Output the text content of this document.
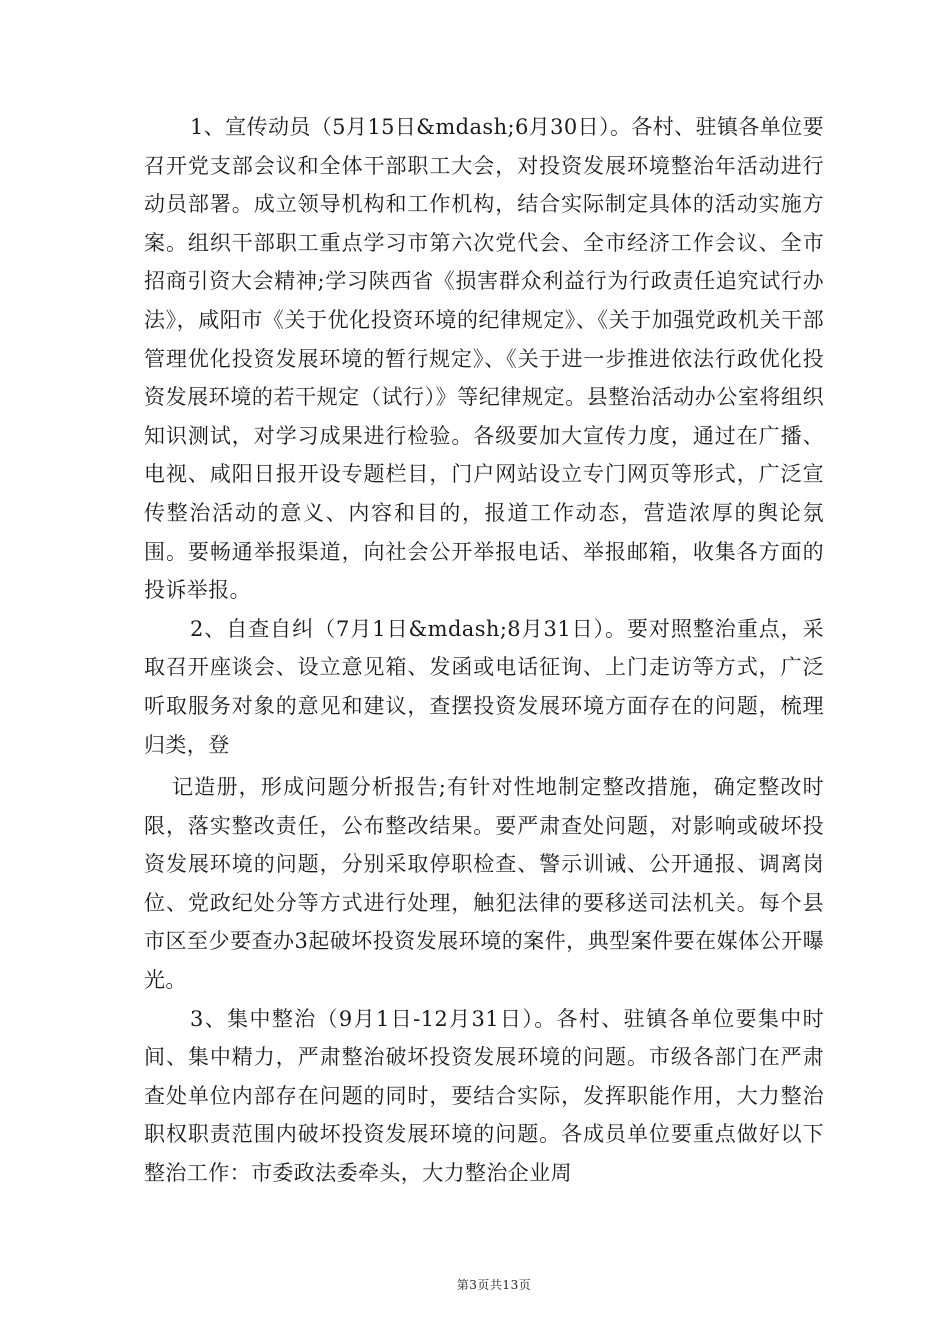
1、宣传动员（5月15日&mdash;6月30日）。各村、驻镇各单位要召开党支部会议和全体干部职工大会，对投资发展环境整治年活动进行动员部署。成立领导机构和工作机构，结合实际制定具体的活动实施方案。组织干部职工重点学习市第六次党代会、全市经济工作会议、全市招商引资大会精神;学习陕西省《损害群众利益行为行政责任追究试行办法》，咸阳市《关于优化投资环境的纪律规定》、《关于加强党政机关干部管理优化投资发展环境的暂行规定》、《关于进一步推进依法行政优化投资发展环境的若干规定（试行）》等纪律规定。县整治活动办公室将组织知识测试，对学习成果进行检验。各级要加大宣传力度，通过在广播、电视、咸阳日报开设专题栏目，门户网站设立专门网页等形式，广泛宣传整治活动的意义、内容和目的，报道工作动态，营造浓厚的舆论氛围。要畅通举报渠道，向社会公开举报电话、举报邮箱，收集各方面的投诉举报。

2、自查自纠（7月1日&mdash;8月31日）。要对照整治重点，采取召开座谈会、设立意见箱、发函或电话征询、上门走访等方式，广泛听取服务对象的意见和建议，查摆投资发展环境方面存在的问题，梳理归类，登

记造册，形成问题分析报告;有针对性地制定整改措施，确定整改时限，落实整改责任，公布整改结果。要严肃查处问题，对影响或破坏投资发展环境的问题，分别采取停职检查、警示训诫、公开通报、调离岗位、党政纪处分等方式进行处理，触犯法律的要移送司法机关。每个县市区至少要查办3起破坏投资发展环境的案件，典型案件要在媒体公开曝光。

3、集中整治（9月1日-12月31日）。各村、驻镇各单位要集中时间、集中精力，严肃整治破坏投资发展环境的问题。市级各部门在严肃查处单位内部存在问题的同时，要结合实际，发挥职能作用，大力整治职权职责范围内破坏投资发展环境的问题。各成员单位要重点做好以下整治工作：市委政法委牵头，大力整治企业周

第3页共13页
